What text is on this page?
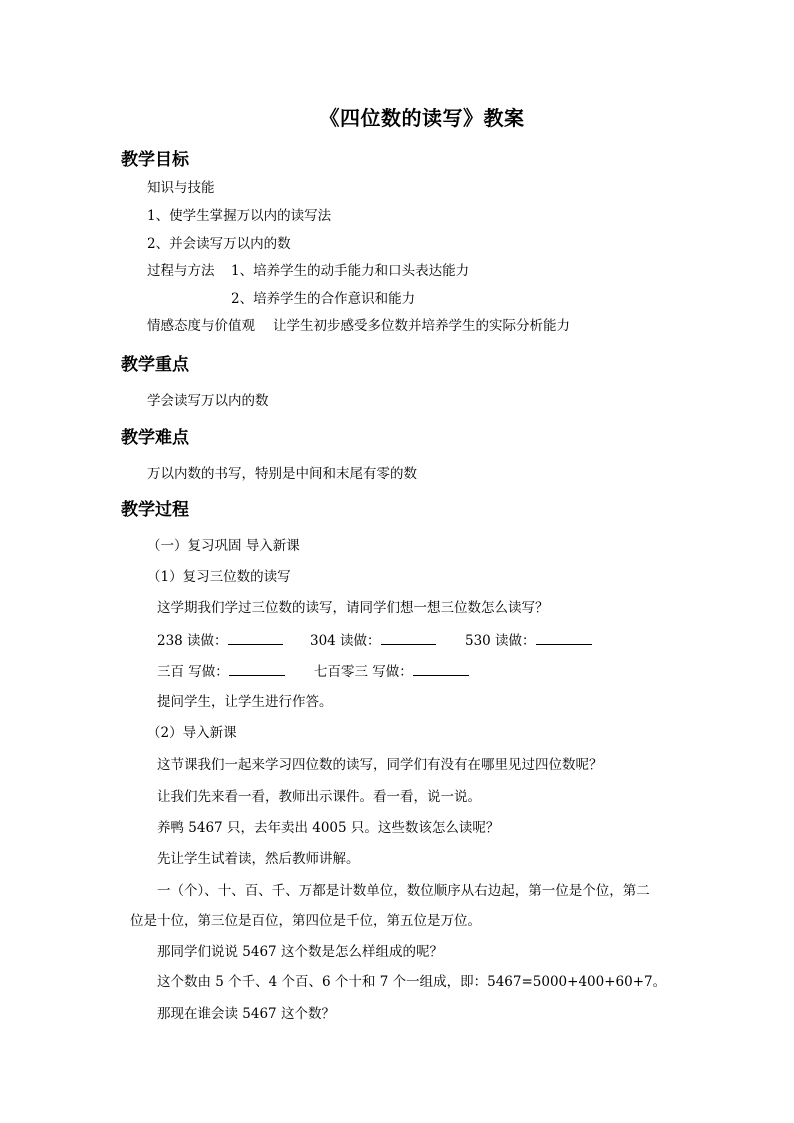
《四位数的读写》教案
教学目标
知识与技能
1、使学生掌握万以内的读写法
2、并会读写万以内的数
过程与方法 1、培养学生的动手能力和口头表达能力
2、培养学生的合作意识和能力
情感态度与价值观 让学生初步感受多位数并培养学生的实际分析能力
教学重点
学会读写万以内的数
教学难点
万以内数的书写，特别是中间和末尾有零的数
教学过程
（一）复习巩固 导入新课
（1）复习三位数的读写
这学期我们学过三位数的读写，请同学们想一想三位数怎么读写？
238 读做：	304 读做：	530 读做：
三百 写做：	七百零三 写做：
提问学生，让学生进行作答。
（2）导入新课
这节课我们一起来学习四位数的读写，同学们有没有在哪里见过四位数呢？
让我们先来看一看，教师出示课件。看一看，说一说。
养鸭 5467 只，去年卖出 4005 只。这些数该怎么读呢？
先让学生试着读，然后教师讲解。
一（个）、十、百、千、万都是计数单位，数位顺序从右边起，第一位是个位，第二
位是十位，第三位是百位，第四位是千位，第五位是万位。
那同学们说说 5467 这个数是怎么样组成的呢？
这个数由 5 个千、4 个百、6 个十和 7 个一组成，即：5467=5000+400+60+7。
那现在谁会读 5467 这个数？
